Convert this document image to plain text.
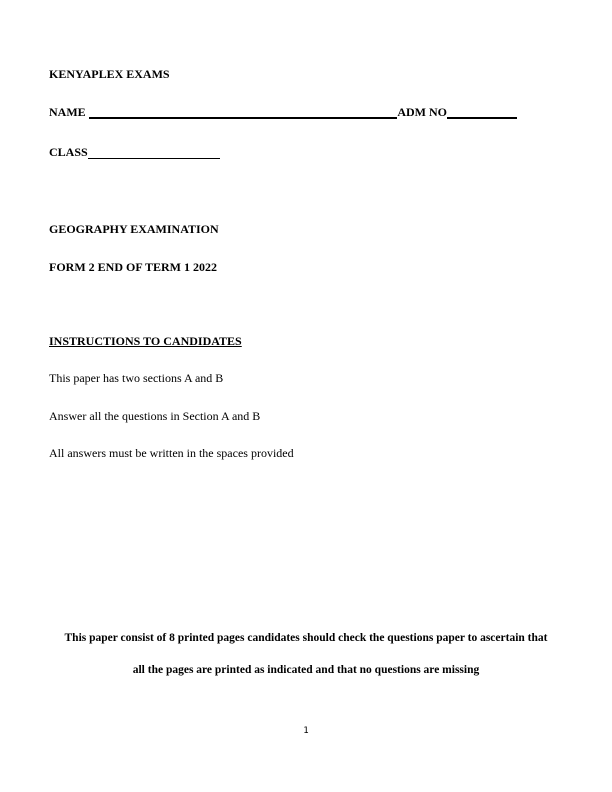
KENYAPLEX EXAMS
NAME	ADM NO
CLASS
GEOGRAPHY EXAMINATION
FORM 2 END OF TERM 1 2022
INSTRUCTIONS TO CANDIDATES
This paper has two sections A and B
Answer all the questions in Section A and B
All answers must be written in the spaces provided
This paper consist of 8 printed pages candidates should check the questions paper to ascertain that
all the pages are printed as indicated and that no questions are missing
1
